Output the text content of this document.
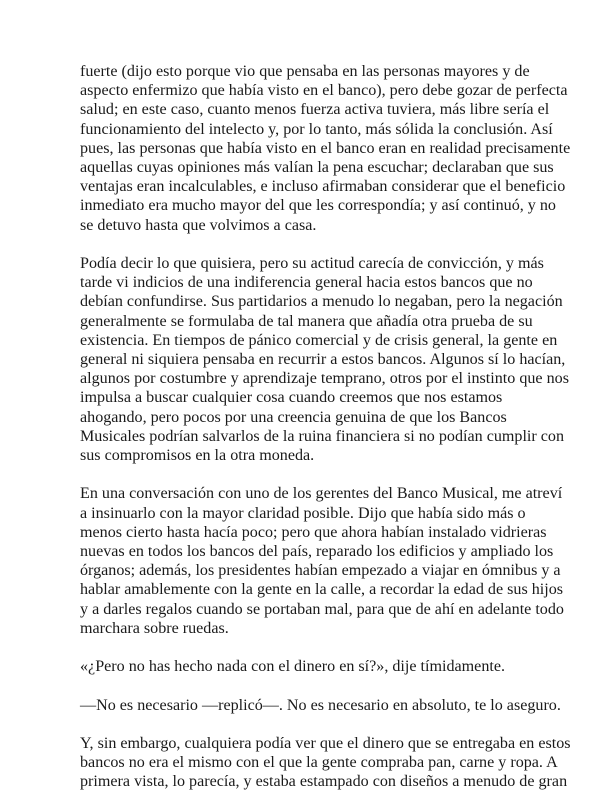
fuerte (dijo esto porque vio que pensaba en las personas mayores y de
aspecto enfermizo que había visto en el banco), pero debe gozar de perfecta
salud; en este caso, cuanto menos fuerza activa tuviera, más libre sería el
funcionamiento del intelecto y, por lo tanto, más sólida la conclusión. Así
pues, las personas que había visto en el banco eran en realidad precisamente
aquellas cuyas opiniones más valían la pena escuchar; declaraban que sus
ventajas eran incalculables, e incluso afirmaban considerar que el beneficio
inmediato era mucho mayor del que les correspondía; y así continuó, y no
se detuvo hasta que volvimos a casa.

Podía decir lo que quisiera, pero su actitud carecía de convicción, y más
tarde vi indicios de una indiferencia general hacia estos bancos que no
debían confundirse. Sus partidarios a menudo lo negaban, pero la negación
generalmente se formulaba de tal manera que añadía otra prueba de su
existencia. En tiempos de pánico comercial y de crisis general, la gente en
general ni siquiera pensaba en recurrir a estos bancos. Algunos sí lo hacían,
algunos por costumbre y aprendizaje temprano, otros por el instinto que nos
impulsa a buscar cualquier cosa cuando creemos que nos estamos
ahogando, pero pocos por una creencia genuina de que los Bancos
Musicales podrían salvarlos de la ruina financiera si no podían cumplir con
sus compromisos en la otra moneda.

En una conversación con uno de los gerentes del Banco Musical, me atreví
a insinuarlo con la mayor claridad posible. Dijo que había sido más o
menos cierto hasta hacía poco; pero que ahora habían instalado vidrieras
nuevas en todos los bancos del país, reparado los edificios y ampliado los
órganos; además, los presidentes habían empezado a viajar en ómnibus y a
hablar amablemente con la gente en la calle, a recordar la edad de sus hijos
y a darles regalos cuando se portaban mal, para que de ahí en adelante todo
marchara sobre ruedas.

«¿Pero no has hecho nada con el dinero en sí?», dije tímidamente.

—No es necesario —replicó—. No es necesario en absoluto, te lo aseguro.

Y, sin embargo, cualquiera podía ver que el dinero que se entregaba en estos
bancos no era el mismo con el que la gente compraba pan, carne y ropa. A
primera vista, lo parecía, y estaba estampado con diseños a menudo de gran
